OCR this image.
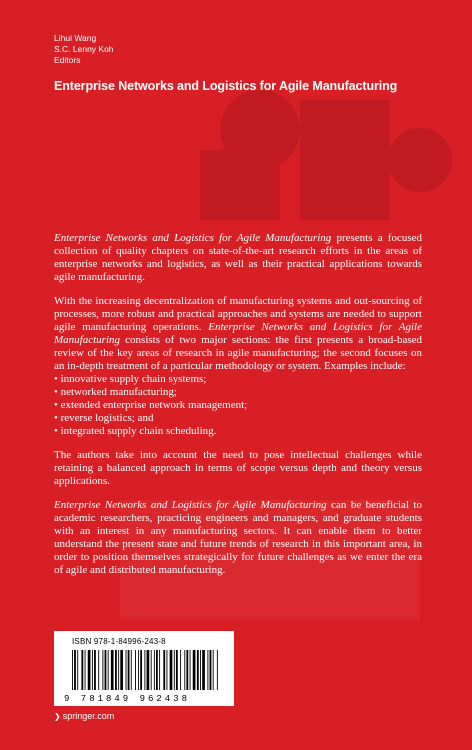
Lihui Wang
S.C. Lenny Koh
Editors
Enterprise Networks and Logistics for Agile Manufacturing

Enterprise Networks and Logistics for Agile Manufacturing presents a focused collection of quality chapters on state-of-the-art research efforts in the areas of enterprise networks and logistics, as well as their practical applications towards agile manufacturing.

With the increasing decentralization of manufacturing systems and out-sourcing of processes, more robust and practical approaches and systems are needed to support agile manufacturing operations. Enterprise Networks and Logistics for Agile Manufacturing consists of two major sections: the first presents a broad-based review of the key areas of research in agile manufacturing; the second focuses on an in-depth treatment of a particular methodology or system. Examples include:

• innovative supply chain systems;
• networked manufacturing;
• extended enterprise network management;
• reverse logistics; and
• integrated supply chain scheduling.

The authors take into account the need to pose intellectual challenges while retaining a balanced approach in terms of scope versus depth and theory versus applications.

Enterprise Networks and Logistics for Agile Manufacturing can be beneficial to academic researchers, practicing engineers and managers, and graduate students with an interest in any manufacturing sectors. It can enable them to better understand the present state and future trends of research in this important area, in order to position themselves strategically for future challenges as we enter the era of agile and distributed manufacturing.

ISBN 978-1-84996-243-8
9 781849 962438
❯ springer.com
